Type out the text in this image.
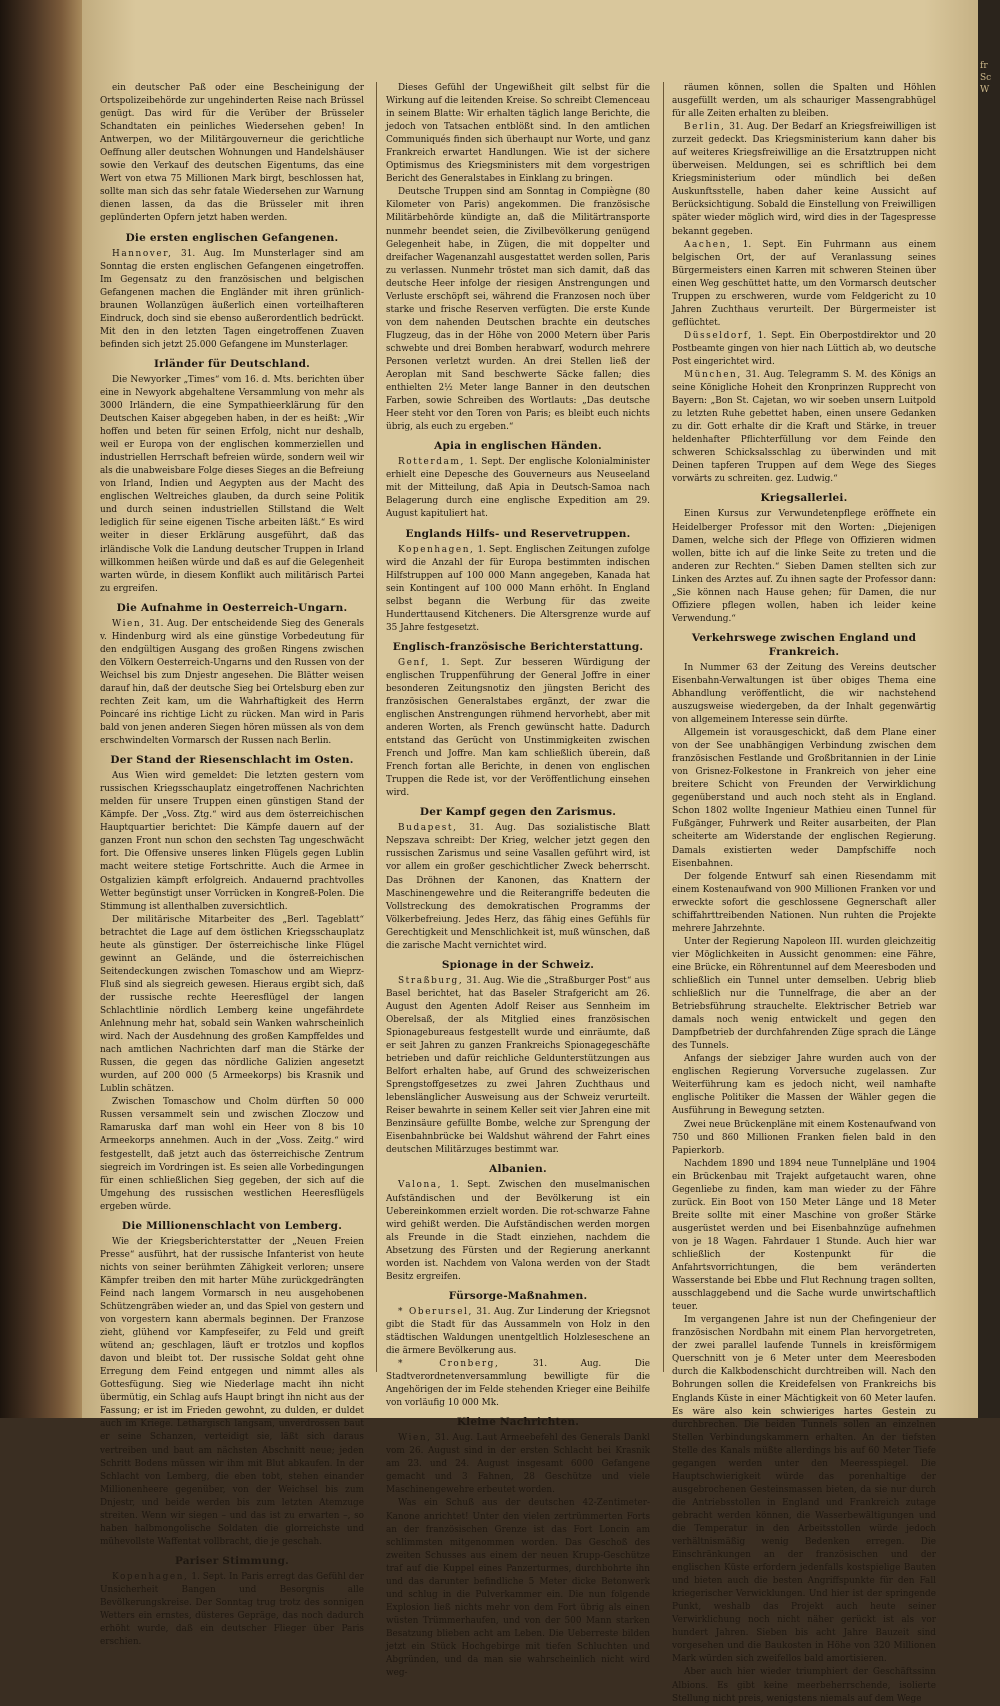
ein deutscher Paß oder eine Bescheinigung der Ortspolizeibehörde zur ungehinderten Reise nach Brüssel genügt. Das wird für die Verüber der Brüsseler Schandtaten ein peinliches Wiedersehen geben! In Antwerpen, wo der Militärgouverneur die gerichtliche Oeffnung aller deutschen Wohnungen und Handelshäuser sowie den Verkauf des deutschen Eigentums, das eine Wert von etwa 75 Millionen Mark birgt, beschlossen hat, sollte man sich das sehr fatale Wiedersehen zur Warnung dienen lassen, da das die Brüsseler mit ihren geplünderten Opfern jetzt haben werden.

Die ersten englischen Gefangenen.

Hannover, 31. Aug. Im Munsterlager sind am Sonntag die ersten englischen Gefangenen eingetroffen. Im Gegensatz zu den französischen und belgischen Gefangenen machen die Engländer mit ihren grünlich-braunen Wollanzügen äußerlich einen vorteilhafteren Eindruck, doch sind sie ebenso außerordentlich bedrückt. Mit den in den letzten Tagen eingetroffenen Zuaven befinden sich jetzt 25.000 Gefangene im Munsterlager.

Irländer für Deutschland.

Die Newyorker „Times“ vom 16. d. Mts. berichten über eine in Newyork abgehaltene Versammlung von mehr als 3000 Irländern, die eine Sympathieerklärung für den Deutschen Kaiser abgegeben haben, in der es heißt: „Wir hoffen und beten für seinen Erfolg, nicht nur deshalb, weil er Europa von der englischen kommerziellen und industriellen Herrschaft befreien würde, sondern weil wir als die unabweisbare Folge dieses Sieges an die Befreiung von Irland, Indien und Aegypten aus der Macht des englischen Weltreiches glauben, da durch seine Politik und durch seinen industriellen Stillstand die Welt lediglich für seine eigenen Tische arbeiten läßt.“ Es wird weiter in dieser Erklärung ausgeführt, daß das irländische Volk die Landung deutscher Truppen in Irland willkommen heißen würde und daß es auf die Gelegenheit warten würde, in diesem Konflikt auch militärisch Partei zu ergreifen.

Die Aufnahme in Oesterreich-Ungarn.

Wien, 31. Aug. Der entscheidende Sieg des Generals v. Hindenburg wird als eine günstige Vorbedeutung für den endgültigen Ausgang des großen Ringens zwischen den Völkern Oesterreich-Ungarns und den Russen von der Weichsel bis zum Dnjestr angesehen. Die Blätter weisen darauf hin, daß der deutsche Sieg bei Ortelsburg eben zur rechten Zeit kam, um die Wahrhaftigkeit des Herrn Poincaré ins richtige Licht zu rücken. Man wird in Paris bald von jenen anderen Siegen hören müssen als von dem erschwindelten Vormarsch der Russen nach Berlin.

Der Stand der Riesenschlacht im Osten.

Aus Wien wird gemeldet: Die letzten gestern vom russischen Kriegsschauplatz eingetroffenen Nachrichten melden für unsere Truppen einen günstigen Stand der Kämpfe. Der „Voss. Ztg.“ wird aus dem österreichischen Hauptquartier berichtet: Die Kämpfe dauern auf der ganzen Front nun schon den sechsten Tag ungeschwächt fort. Die Offensive unseres linken Flügels gegen Lublin macht weitere stetige Fortschritte. Auch die Armee in Ostgalizien kämpft erfolgreich. Andauernd prachtvolles Wetter begünstigt unser Vorrücken in Kongreß-Polen. Die Stimmung ist allenthalben zuversichtlich.

Der militärische Mitarbeiter des „Berl. Tageblatt“ betrachtet die Lage auf dem östlichen Kriegsschauplatz heute als günstiger. Der österreichische linke Flügel gewinnt an Gelände, und die österreichischen Seitendeckungen zwischen Tomaschow und am Wieprz-Fluß sind als siegreich gewesen. Hieraus ergibt sich, daß der russische rechte Heeresflügel der langen Schlachtlinie nördlich Lemberg keine ungefährdete Anlehnung mehr hat, sobald sein Wanken wahrscheinlich wird. Nach der Ausdehnung des großen Kampffeldes und nach amtlichen Nachrichten darf man die Stärke der Russen, die gegen das nördliche Galizien angesetzt wurden, auf 200 000 (5 Armeekorps) bis Krasnik und Lublin schätzen.

Zwischen Tomaschow und Cholm dürften 50 000 Russen versammelt sein und zwischen Zloczow und Ramaruska darf man wohl ein Heer von 8 bis 10 Armeekorps annehmen. Auch in der „Voss. Zeitg.“ wird festgestellt, daß jetzt auch das österreichische Zentrum siegreich im Vordringen ist. Es seien alle Vorbedingungen für einen schließlichen Sieg gegeben, der sich auf die Umgehung des russischen westlichen Heeresflügels ergeben würde.

Die Millionenschlacht von Lemberg.

Wie der Kriegsberichterstatter der „Neuen Freien Presse“ ausführt, hat der russische Infanterist von heute nichts von seiner berühmten Zähigkeit verloren; unsere Kämpfer treiben den mit harter Mühe zurückgedrängten Feind nach langem Vormarsch in neu ausgehobenen Schützengräben wieder an, und das Spiel von gestern und von vorgestern kann abermals beginnen. Der Franzose zieht, glühend vor Kampfeseifer, zu Feld und greift wütend an; geschlagen, läuft er trotzlos und kopflos davon und bleibt tot. Der russische Soldat geht ohne Erregung dem Feind entgegen und nimmt alles als Gottesfügung. Sieg wie Niederlage macht ihn nicht übermütig, ein Schlag aufs Haupt bringt ihn nicht aus der Fassung; er ist im Frieden gewohnt, zu dulden, er duldet auch im Kriege. Lethargisch langsam, unverdrossen baut er seine Schanzen, verteidigt sie, läßt sich daraus vertreiben und baut am nächsten Abschnitt neue; jeden Schritt Bodens müssen wir ihm mit Blut abkaufen. In der Schlacht von Lemberg, die eben tobt, stehen einander Millionenheere gegenüber, von der Weichsel bis zum Dnjestr, und beide werden bis zum letzten Atemzuge streiten. Wenn wir siegen – und das ist zu erwarten –, so haben halbmongolische Soldaten die glorreichste und mühevollste Waffentat vollbracht, die je geschah.

Pariser Stimmung.

Kopenhagen, 1. Sept. In Paris erregt das Gefühl der Unsicherheit Bangen und Besorgnis alle Bevölkerungskreise. Der Sonntag trug trotz des sonnigen Wetters ein ernstes, düsteres Gepräge, das noch dadurch erhöht wurde, daß ein deutscher Flieger über Paris erschien.

Dieses Gefühl der Ungewißheit gilt selbst für die Wirkung auf die leitenden Kreise. So schreibt Clemenceau in seinem Blatte: Wir erhalten täglich lange Berichte, die jedoch von Tatsachen entblößt sind. In den amtlichen Communiqués finden sich überhaupt nur Worte, und ganz Frankreich erwartet Handlungen. Wie ist der sichere Optimismus des Kriegsministers mit dem vorgestrigen Bericht des Generalstabes in Einklang zu bringen.

Deutsche Truppen sind am Sonntag in Compiègne (80 Kilometer von Paris) angekommen. Die französische Militärbehörde kündigte an, daß die Militärtransporte nunmehr beendet seien, die Zivilbevölkerung genügend Gelegenheit habe, in Zügen, die mit doppelter und dreifacher Wagenanzahl ausgestattet werden sollen, Paris zu verlassen. Nunmehr tröstet man sich damit, daß das deutsche Heer infolge der riesigen Anstrengungen und Verluste erschöpft sei, während die Franzosen noch über starke und frische Reserven verfügten. Die erste Kunde von dem nahenden Deutschen brachte ein deutsches Flugzeug, das in der Höhe von 2000 Metern über Paris schwebte und drei Bomben herabwarf, wodurch mehrere Personen verletzt wurden. An drei Stellen ließ der Aeroplan mit Sand beschwerte Säcke fallen; dies enthielten 2½ Meter lange Banner in den deutschen Farben, sowie Schreiben des Wortlauts: „Das deutsche Heer steht vor den Toren von Paris; es bleibt euch nichts übrig, als euch zu ergeben.“

Apia in englischen Händen.

Rotterdam, 1. Sept. Der englische Kolonialminister erhielt eine Depesche des Gouverneurs aus Neuseeland mit der Mitteilung, daß Apia in Deutsch-Samoa nach Belagerung durch eine englische Expedition am 29. August kapituliert hat.

Englands Hilfs- und Reservetruppen.

Kopenhagen, 1. Sept. Englischen Zeitungen zufolge wird die Anzahl der für Europa bestimmten indischen Hilfstruppen auf 100 000 Mann angegeben, Kanada hat sein Kontingent auf 100 000 Mann erhöht. In England selbst begann die Werbung für das zweite Hunderttausend Kitcheners. Die Altersgrenze wurde auf 35 Jahre festgesetzt.

Englisch-französische Berichterstattung.

Genf, 1. Sept. Zur besseren Würdigung der englischen Truppenführung der General Joffre in einer besonderen Zeitungsnotiz den jüngsten Bericht des französischen Generalstabes ergänzt, der zwar die englischen Anstrengungen rühmend hervorhebt, aber mit anderen Worten, als French gewünscht hatte. Dadurch entstand das Gerücht von Unstimmigkeiten zwischen French und Joffre. Man kam schließlich überein, daß French fortan alle Berichte, in denen von englischen Truppen die Rede ist, vor der Veröffentlichung einsehen wird.

Der Kampf gegen den Zarismus.

Budapest, 31. Aug. Das sozialistische Blatt Nepszava schreibt: Der Krieg, welcher jetzt gegen den russischen Zarismus und seine Vasallen geführt wird, ist vor allem ein großer geschichtlicher Zweck beherrscht. Das Dröhnen der Kanonen, das Knattern der Maschinengewehre und die Reiterangriffe bedeuten die Vollstreckung des demokratischen Programms der Völkerbefreiung. Jedes Herz, das fähig eines Gefühls für Gerechtigkeit und Menschlichkeit ist, muß wünschen, daß die zarische Macht vernichtet wird.

Spionage in der Schweiz.

Straßburg, 31. Aug. Wie die „Straßburger Post“ aus Basel berichtet, hat das Baseler Strafgericht am 26. August den Agenten Adolf Reiser aus Sennheim im Oberelsaß, der als Mitglied eines französischen Spionagebureaus festgestellt wurde und einräumte, daß er seit Jahren zu ganzen Frankreichs Spionagegeschäfte betrieben und dafür reichliche Geldunterstützungen aus Belfort erhalten habe, auf Grund des schweizerischen Sprengstoffgesetzes zu zwei Jahren Zuchthaus und lebenslänglicher Ausweisung aus der Schweiz verurteilt. Reiser bewahrte in seinem Keller seit vier Jahren eine mit Benzinsäure gefüllte Bombe, welche zur Sprengung der Eisenbahnbrücke bei Waldshut während der Fahrt eines deutschen Militärzuges bestimmt war.

Albanien.

Valona, 1. Sept. Zwischen den muselmanischen Aufständischen und der Bevölkerung ist ein Uebereinkommen erzielt worden. Die rot-schwarze Fahne wird gehißt werden. Die Aufständischen werden morgen als Freunde in die Stadt einziehen, nachdem die Absetzung des Fürsten und der Regierung anerkannt worden ist. Nachdem von Valona werden von der Stadt Besitz ergreifen.

Fürsorge-Maßnahmen.

* Oberursel, 31. Aug. Zur Linderung der Kriegsnot gibt die Stadt für das Aussammeln von Holz in den städtischen Waldungen unentgeltlich Holzleseschene an die ärmere Bevölkerung aus.

* Cronberg,	31. Aug. Die Stadtverordnetenversammlung bewilligte für die Angehörigen der im Felde stehenden Krieger eine Beihilfe von vorläufig 10 000 Mk.

Kleine Nachrichten.

Wien, 31. Aug. Laut Armeebefehl des Generals Dankl vom 26. August sind in der ersten Schlacht bei Krasnik am 23. und 24. August insgesamt 6000 Gefangene gemacht und 3 Fahnen, 28 Geschütze und viele Maschinengewehre erbeutet worden.

Was ein Schuß aus der deutschen 42-Zentimeter-Kanone anrichtet! Unter den vielen zertrümmerten Forts an der französischen Grenze ist das Fort Loncin am schlimmsten mitgenommen worden. Das Geschoß des zweiten Schusses aus einem der neuen Krupp-Geschütze traf auf die Kuppel eines Panzerturmes, durchbohrte ihn und das darunter befindliche 5 Meter dicke Betonwerk und schlug in die Pulverkammer ein. Die nun folgende Explosion ließ nichts mehr von dem Fort übrig als einen wüsten Trümmerhaufen, und von der 500 Mann starken Besatzung blieben acht am Leben. Die Ueberreste bilden jetzt ein Stück Hochgebirge mit tiefen Schluchten und Abgründen, und da man sie wahrscheinlich nicht wird weg-

räumen können, sollen die Spalten und Höhlen ausgefüllt werden, um als schauriger Massengrabhügel für alle Zeiten erhalten zu bleiben.

Berlin, 31. Aug. Der Bedarf an Kriegsfreiwilligen ist zurzeit gedeckt. Das Kriegsministerium kann daher bis auf weiteres Kriegsfreiwillige an die Ersatztruppen nicht überweisen. Meldungen, sei es schriftlich bei dem Kriegsministerium oder mündlich bei deßen Auskunftsstelle, haben daher keine Aussicht auf Berücksichtigung. Sobald die Einstellung von Freiwilligen später wieder möglich wird, wird dies in der Tagespresse bekannt gegeben.

Aachen, 1. Sept. Ein Fuhrmann aus einem belgischen Ort, der auf Veranlassung seines Bürgermeisters einen Karren mit schweren Steinen über einen Weg geschüttet hatte, um den Vormarsch deutscher Truppen zu erschweren, wurde vom Feldgericht zu 10 Jahren Zuchthaus verurteilt. Der Bürgermeister ist geflüchtet.

Düsseldorf, 1. Sept. Ein Oberpostdirektor und 20 Postbeamte gingen von hier nach Lüttich ab, wo deutsche Post eingerichtet wird.

München, 31. Aug. Telegramm S. M. des Königs an seine Königliche Hoheit den Kronprinzen Rupprecht von Bayern: „Bon St. Cajetan, wo wir soeben unsern Luitpold zu letzten Ruhe gebettet haben, einen unsere Gedanken zu dir. Gott erhalte dir die Kraft und Stärke, in treuer heldenhafter Pflichterfüllung vor dem Feinde den schweren Schicksalsschlag zu überwinden und mit Deinen tapferen Truppen auf dem Wege des Sieges vorwärts zu schreiten. gez. Ludwig.“

Kriegsallerlei.

Einen Kursus zur Verwundetenpflege eröffnete ein Heidelberger Professor mit den Worten: „Diejenigen Damen, welche sich der Pflege von Offizieren widmen wollen, bitte ich auf die linke Seite zu treten und die anderen zur Rechten.“ Sieben Damen stellten sich zur Linken des Arztes auf. Zu ihnen sagte der Professor dann: „Sie können nach Hause gehen; für Damen, die nur Offiziere pflegen wollen, haben ich leider keine Verwendung.“

Verkehrswege zwischen England und Frankreich.

In Nummer 63 der Zeitung des Vereins deutscher Eisenbahn-Verwaltungen ist über obiges Thema eine Abhandlung veröffentlicht, die wir nachstehend auszugsweise wiedergeben, da der Inhalt gegenwärtig von allgemeinem Interesse sein dürfte.

Allgemein ist vorausgeschickt, daß dem Plane einer von der See unabhängigen Verbindung zwischen dem französischen Festlande und Großbritannien in der Linie von Grisnez-Folkestone in Frankreich von jeher eine breitere Schicht von Freunden der Verwirklichung gegenüberstand und auch noch steht als in England. Schon 1802 wollte Ingenieur Mathieu einen Tunnel für Fußgänger, Fuhrwerk und Reiter ausarbeiten, der Plan scheiterte am Widerstande der englischen Regierung. Damals existierten weder Dampfschiffe noch Eisenbahnen.

Der folgende Entwurf sah einen Riesendamm mit einem Kostenaufwand von 900 Millionen Franken vor und erweckte sofort die geschlossene Gegnerschaft aller schiffahrttreibenden Nationen. Nun ruhten die Projekte mehrere Jahrzehnte.

Unter der Regierung Napoleon III. wurden gleichzeitig vier Möglichkeiten in Aussicht genommen: eine Fähre, eine Brücke, ein Röhrentunnel auf dem Meeresboden und schließlich ein Tunnel unter demselben. Uebrig blieb schließlich nur die Tunnelfrage, die aber an der Betriebsführung strauchelte. Elektrischer Betrieb war damals noch wenig entwickelt und gegen den Dampfbetrieb der durchfahrenden Züge sprach die Länge des Tunnels.

Anfangs der siebziger Jahre wurden auch von der englischen Regierung Vorversuche zugelassen. Zur Weiterführung kam es jedoch nicht, weil namhafte englische Politiker die Massen der Wähler gegen die Ausführung in Bewegung setzten.

Zwei neue Brückenpläne mit einem Kostenaufwand von 750 und 860 Millionen Franken fielen bald in den Papierkorb.

Nachdem 1890 und 1894 neue Tunnelpläne und 1904 ein Brückenbau mit Trajekt aufgetaucht waren, ohne Gegenliebe zu finden, kam man wieder zu der Fähre zurück. Ein Boot von 150 Meter Länge und 18 Meter Breite sollte mit einer Maschine von großer Stärke ausgerüstet werden und bei Eisenbahnzüge aufnehmen von je 18 Wagen. Fahrdauer 1 Stunde. Auch hier war schließlich der Kostenpunkt für die Anfahrtsvorrichtungen, die bem veränderten Wasserstande bei Ebbe und Flut Rechnung tragen sollten, ausschlaggebend und die Sache wurde unwirtschaftlich teuer.

Im vergangenen Jahre ist nun der Chefingenieur der französischen Nordbahn mit einem Plan hervorgetreten, der zwei parallel laufende Tunnels in kreisförmigem Querschnitt von je 6 Meter unter dem Meeresboden durch die Kalkbodenschicht durchtreiben will. Nach den Bohrungen sollen die Kreidefelsen von Frankreichs bis Englands Küste in einer Mächtigkeit von 60 Meter laufen. Es wäre also kein schwieriges hartes Gestein zu durchbrechen. Die beiden Tunnels sollen an einzelnen Stellen Verbindungskammern erhalten. An der tiefsten Stelle des Kanals müßte allerdings bis auf 60 Meter Tiefe gegangen werden unter den Meeresspiegel. Die Hauptschwierigkeit würde das porenhaltige der ausgebrochenen Gesteinsmassen bieten, da sie nur durch die Antriebsstollen in England und Frankreich zutage gebracht werden können, die Wasserbewältigungen und die Temperatur in den Arbeitsstollen würde jedoch verhältnismäßig wenig Bedenken erregen. Die Einschränkungen an der französischen und der englischen Küste erfordern jedenfalls kostspielige Bauten und bieten auch die besten Angriffspunkte für den Fall kriegerischer Verwicklungen. Und hier ist der springende Punkt, weshalb das Projekt auch heute seiner Verwirklichung noch nicht näher gerückt ist als vor hundert Jahren. Sieben bis acht Jahre Bauzeit sind vorgesehen und die Baukosten in Höhe von 320 Millionen Mark würden sich zweifellos bald amortisieren.

Aber auch hier wieder triumphiert der Geschäftssinn Albions. Es gibt keine meerbeherrschende, isolierte Stellung nicht preis, wenigstens niemals auf dem Wege

fr Sc W
